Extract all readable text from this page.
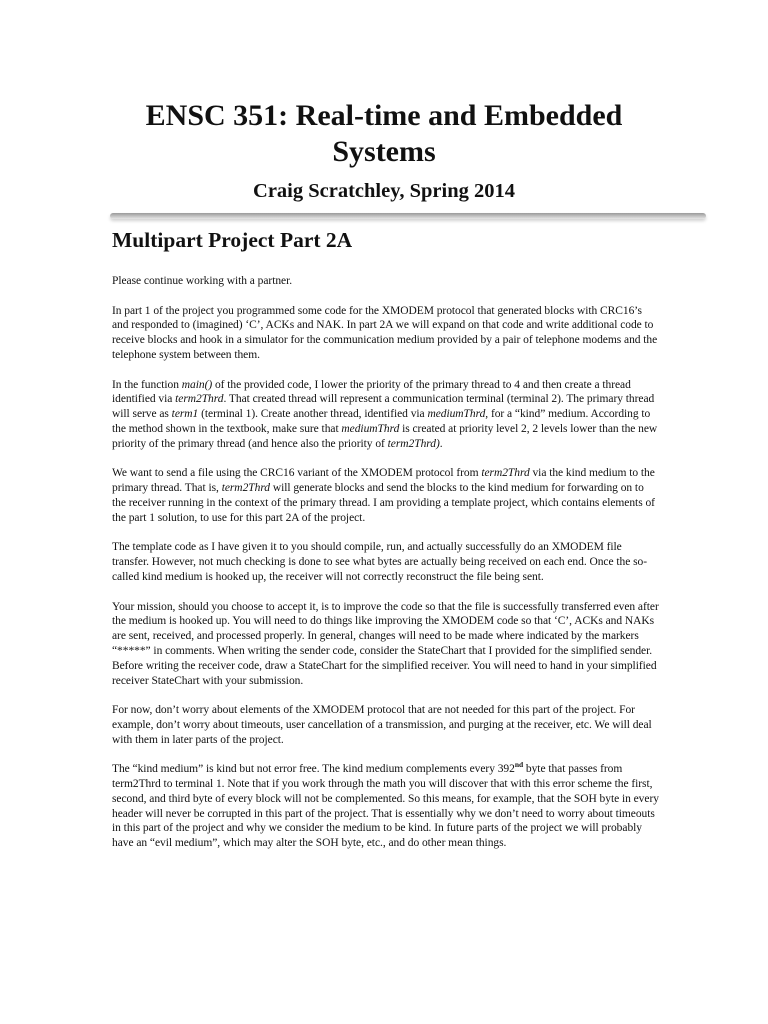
ENSC 351: Real-time and Embedded Systems
Craig Scratchley, Spring 2014
Multipart Project Part 2A

Please continue working with a partner.

In part 1 of the project you programmed some code for the XMODEM protocol that generated blocks with CRC16’s and responded to (imagined) ‘C’, ACKs and NAK. In part 2A we will expand on that code and write additional code to receive blocks and hook in a simulator for the communication medium provided by a pair of telephone modems and the telephone system between them.

In the function main() of the provided code, I lower the priority of the primary thread to 4 and then create a thread identified via term2Thrd. That created thread will represent a communication terminal (terminal 2). The primary thread will serve as term1 (terminal 1). Create another thread, identified via mediumThrd, for a “kind” medium. According to the method shown in the textbook, make sure that mediumThrd is created at priority level 2, 2 levels lower than the new priority of the primary thread (and hence also the priority of term2Thrd).

We want to send a file using the CRC16 variant of the XMODEM protocol from term2Thrd via the kind medium to the primary thread. That is, term2Thrd will generate blocks and send the blocks to the kind medium for forwarding on to the receiver running in the context of the primary thread. I am providing a template project, which contains elements of the part 1 solution, to use for this part 2A of the project.

The template code as I have given it to you should compile, run, and actually successfully do an XMODEM file transfer. However, not much checking is done to see what bytes are actually being received on each end. Once the so-called kind medium is hooked up, the receiver will not correctly reconstruct the file being sent.

Your mission, should you choose to accept it, is to improve the code so that the file is successfully transferred even after the medium is hooked up. You will need to do things like improving the XMODEM code so that ‘C’, ACKs and NAKs are sent, received, and processed properly. In general, changes will need to be made where indicated by the markers “*****” in comments. When writing the sender code, consider the StateChart that I provided for the simplified sender. Before writing the receiver code, draw a StateChart for the simplified receiver. You will need to hand in your simplified receiver StateChart with your submission.

For now, don’t worry about elements of the XMODEM protocol that are not needed for this part of the project. For example, don’t worry about timeouts, user cancellation of a transmission, and purging at the receiver, etc. We will deal with them in later parts of the project.

The “kind medium” is kind but not error free. The kind medium complements every 392nd byte that passes from term2Thrd to terminal 1. Note that if you work through the math you will discover that with this error scheme the first, second, and third byte of every block will not be complemented. So this means, for example, that the SOH byte in every header will never be corrupted in this part of the project. That is essentially why we don’t need to worry about timeouts in this part of the project and why we consider the medium to be kind. In future parts of the project we will probably have an “evil medium”, which may alter the SOH byte, etc., and do other mean things.
